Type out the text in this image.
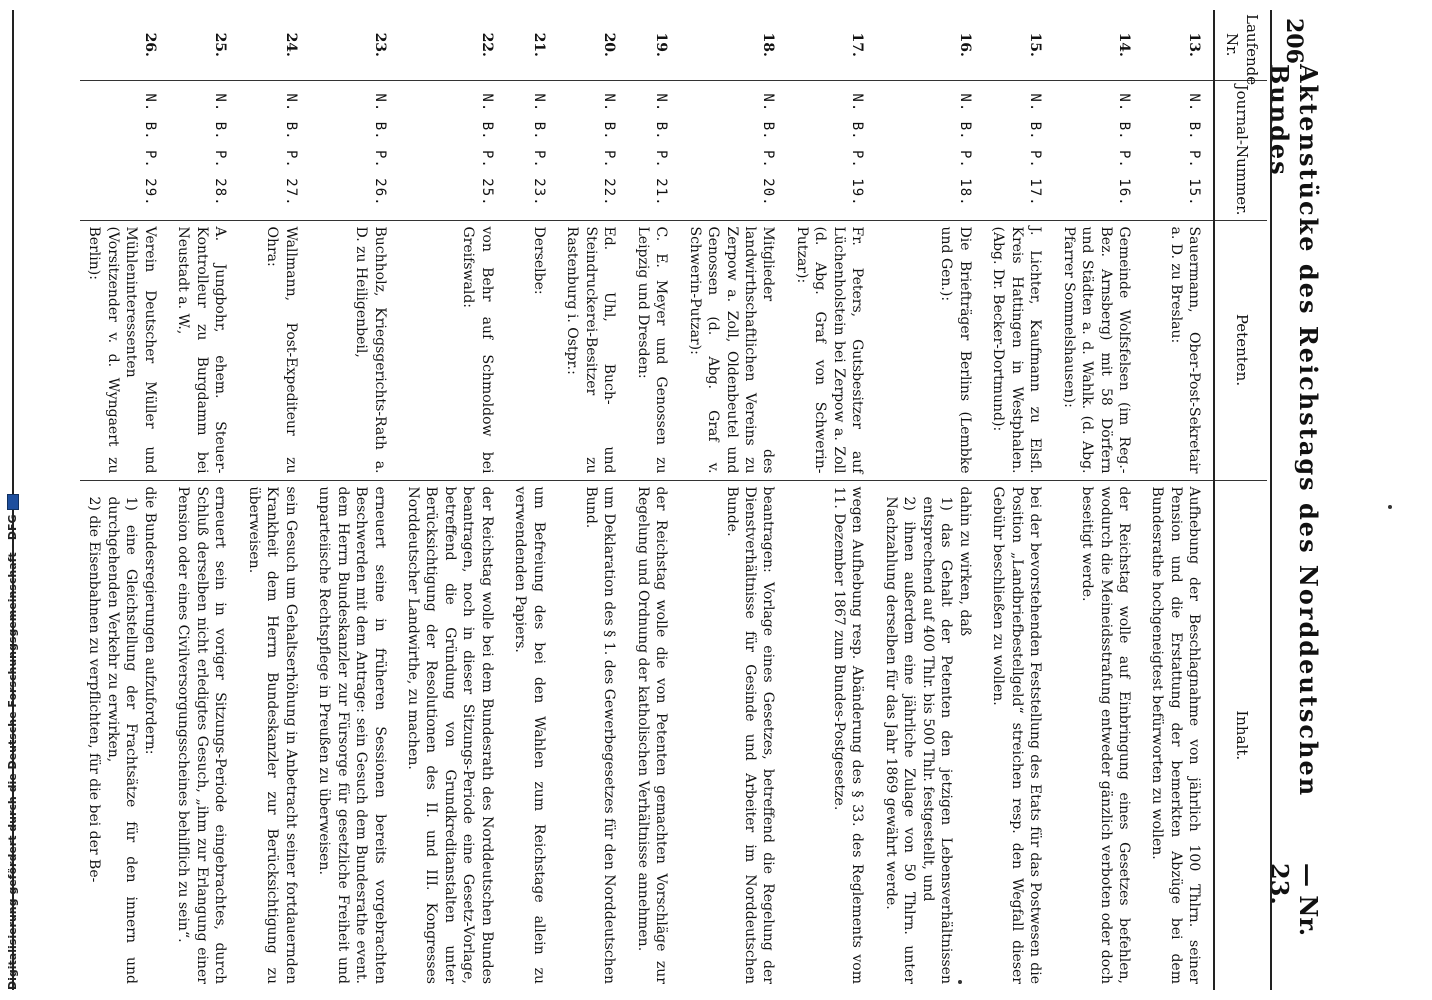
206
Aktenstücke des Reichstags des Norddeutschen Bundes
— Nr. 23.
Laufende Nr.	Journal-Nummer.	Petenten.	Inhalt.
13.	N. B. P. 15.	Sauermann, Ober-Post-Sekretair a. D. zu Breslau:	Aufhebung der Beschlagnahme von jährlich 100 Thlrn. seiner Pension und die Erstattung der bemerkten Abzüge bei dem Bundesrathe hochgeneigtest befürworten zu wollen.
14.	N. B. P. 16.	Gemeinde Wolfsfelsen (im Reg.-Bez. Arnsberg) mit 58 Dörfern und Städten a. d. Wahlk. (d. Abg. Pfarrer Sommelshausen):	der Reichstag wolle auf Einbringung eines Gesetzes befehlen, wodurch die Meineidsstrafung entweder gänzlich verboten oder doch beseitigt werde.
15.	N. B. P. 17.	J. Lichter, Kaufmann zu Elsfl. Kreis Hattingen in Westphalen. (Abg. Dr. Becker-Dortmund):	bei der bevorstehenden Feststellung des Etats für das Postwesen die Position „Landbriefbestellgeld“ streichen resp. den Wegfall dieser Gebühr beschließen zu wollen.
16.	N. B. P. 18.	Die Briefträger Berlins (Lembke und Gen.):	dahin zu wirken, daß
1) das Gehalt der Petenten den jetzigen Lebensverhältnissen entsprechend auf 400 Thlr. bis 500 Thlr. festgestellt, und
2) ihnen außerdem eine jährliche Zulage von 50 Thlrn. unter Nachzahlung derselben für das Jahr 1869 gewährt werde.

17.	N. B. P. 19.	Fr. Peters, Gutsbesitzer auf Lüchenholstein bei Zerpow a. Zoll (d. Abg. Graf von Schwerin-Putzar):	wegen Aufhebung resp. Abänderung des § 33. des Reglements vom 11. Dezember 1867 zum Bundes-Postgesetze.
18.	N. B. P. 20.	Mitglieder des landwirthschaftlichen Vereins zu Zerpow a. Zoll, Oldenbeutel und Genossen (d. Abg. Graf v. Schwerin-Putzar):	beantragen: Vorlage eines Gesetzes, betreffend die Regelung der Dienstverhältnisse für Gesinde und Arbeiter im Norddeutschen Bunde.
19.	N. B. P. 21.	C. E. Meyer und Genossen zu Leipzig und Dresden:	der Reichstag wolle die von Petenten gemachten Vorschläge zur Regelung und Ordnung der katholischen Verhältnisse annehmen.
20.	N. B. P. 22.	Ed. Uhl, Buch- und Steindruckerei-Besitzer zu Rastenburg i. Ostpr.:	um Deklaration des § 1. des Gewerbegesetzes für den Norddeutschen Bund.
21.	N. B. P. 23.	Derselbe:	um Befreiung des bei den Wahlen zum Reichstage allein zu verwendenden Papiers.
22.	N. B. P. 25.	von Behr auf Schmoldow bei Greifswald:	der Reichstag wolle bei dem Bundesrath des Norddeutschen Bundes beantragen, noch in dieser Sitzungs-Periode eine Gesetz-Vorlage, betreffend die Gründung von Grundkreditanstalten unter Berücksichtigung der Resolutionen des II. und III. Kongresses Norddeutscher Landwirthe, zu machen.
23.	N. B. P. 26.	Buchholz, Kriegsgerichts-Rath a. D. zu Heiligenbeil,	erneuert seine in früheren Sessionen bereits vorgebrachten Beschwerden mit dem Antrage: sein Gesuch dem Bundesrathe event. dem Herrn Bundeskanzler zur Fürsorge für gesetzliche Freiheit und unparteiische Rechtspflege in Preußen zu überweisen.
24.	N. B. P. 27.	Wallmann, Post-Expediteur zu Ohra:	sein Gesuch um Gehaltserhöhung in Anbetracht seiner fortdauernden Krankheit dem Herrn Bundeskanzler zur Berücksichtigung zu überweisen.
25.	N. B. P. 28.	A. Jungbohr, ehem. Steuer-Kontrolleur zu Burgdamm bei Neustadt a. W.,	erneuert sein in voriger Sitzungs-Periode eingebrachtes, durch Schluß derselben nicht erledigtes Gesuch, „ihm zur Erlangung einer Pension oder eines Civilversorgungsscheines behilflich zu sein“.
26.	N. B. P. 29.	Verein Deutscher Müller und Mühleninteressenten (Vorsitzender v. d. Wyngaert zu Berlin):	die Bundesregierungen aufzufordern:
1) eine Gleichstellung der Frachtsätze für den innern und durchgehenden Verkehr zu erwirken,
2) die Eisenbahnen zu verpflichten, für die bei der Be-
Digitalisierung gefördert durch die Deutsche Forschungsgemeinschaft - DFG
